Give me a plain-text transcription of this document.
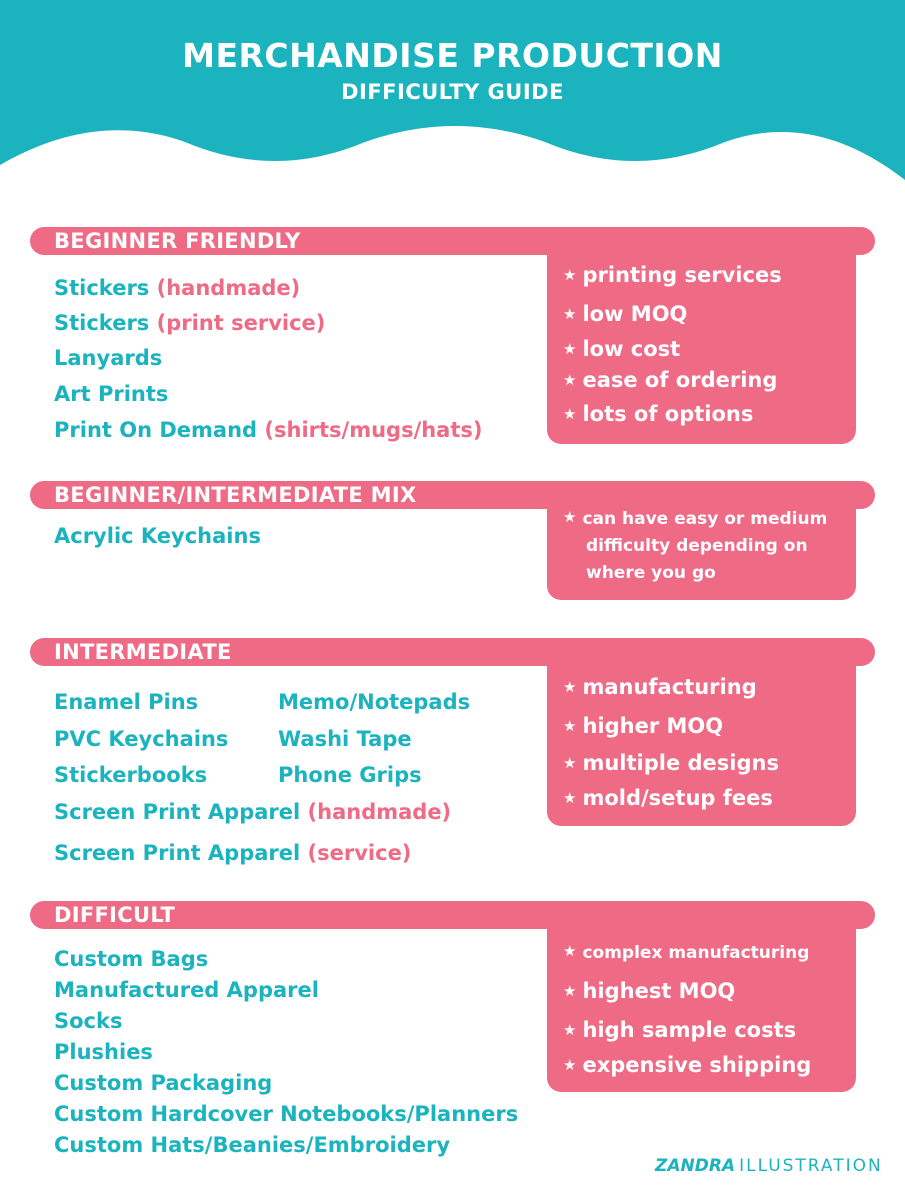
MERCHANDISE PRODUCTION
DIFFICULTY GUIDE
BEGINNER FRIENDLY
★ printing services
★ low MOQ
★ low cost
★ ease of ordering
★ lots of options
Stickers (handmade)
Stickers (print service)
Lanyards
Art Prints
Print On Demand (shirts/mugs/hats)
BEGINNER/INTERMEDIATE MIX
★ can have easy or medium
difficulty depending on
where you go
Acrylic Keychains
INTERMEDIATE
★ manufacturing
★ higher MOQ
★ multiple designs
★ mold/setup fees
Enamel Pins	Memo/Notepads
PVC Keychains Washi Tape
Stickerbooks	Phone Grips
Screen Print Apparel (handmade)
Screen Print Apparel (service)
DIFFICULT
★ complex manufacturing
★ highest MOQ
★ high sample costs
★ expensive shipping
Custom Bags
Manufactured Apparel
Socks
Plushies
Custom Packaging
Custom Hardcover Notebooks/Planners
Custom Hats/Beanies/Embroidery
ZANDRA ILLUSTRATION
